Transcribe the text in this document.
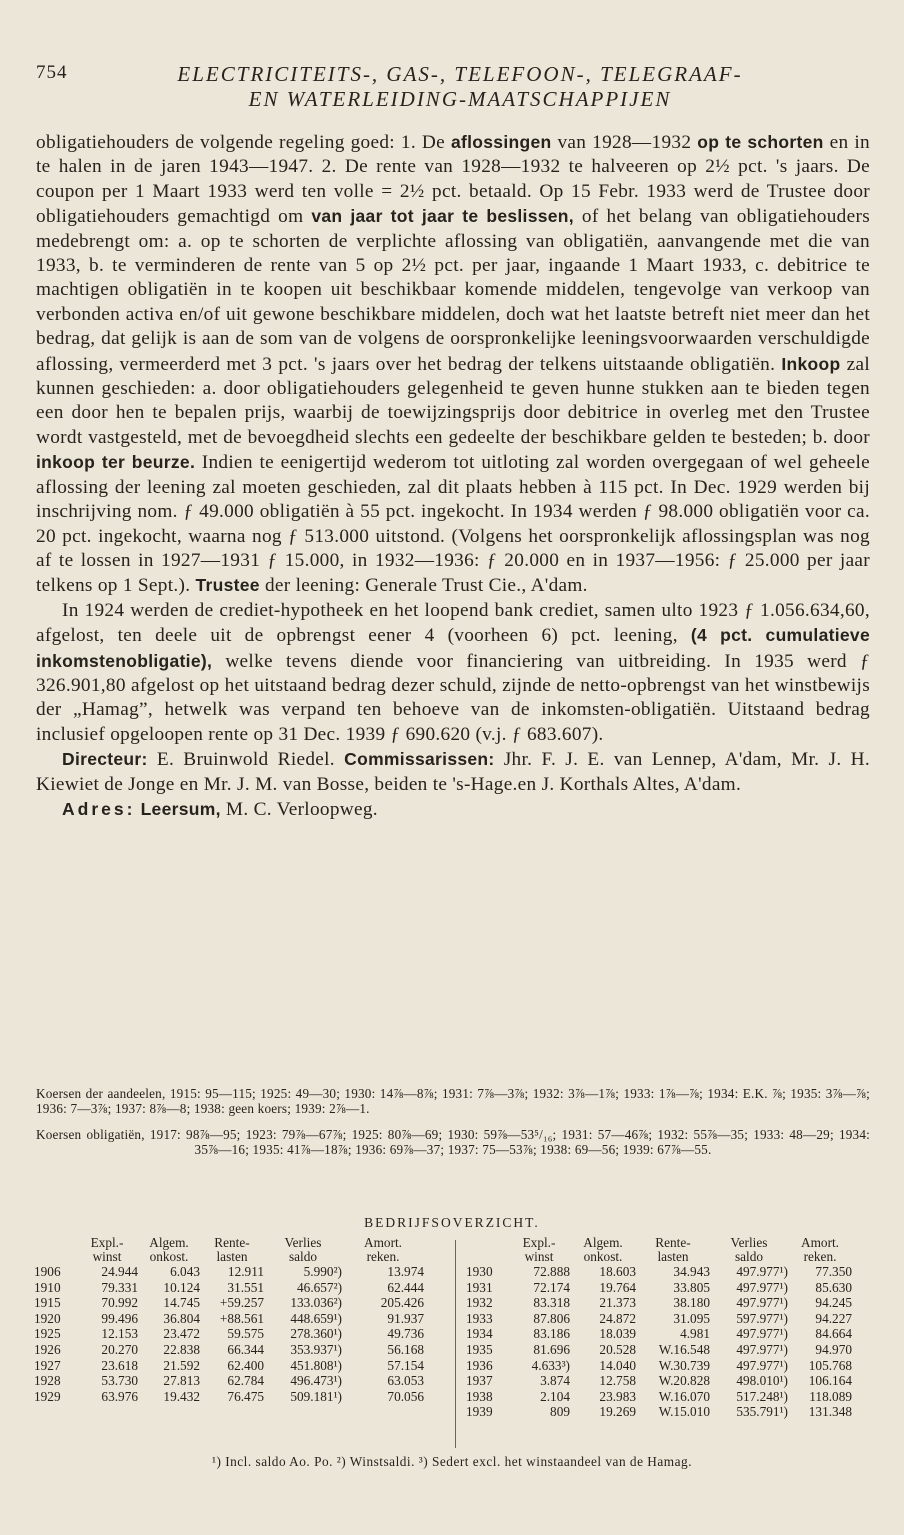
754	ELECTRICITEITS-, GAS-, TELEFOON-, TELEGRAAF-
EN WATERLEIDING-MAATSCHAPPIJEN

obligatiehouders de volgende regeling goed: 1. De aflossingen van 1928—1932 op te schorten en in te halen in de jaren 1943—1947. 2. De rente van 1928—1932 te halveeren op 2½ pct. 's jaars. De coupon per 1 Maart 1933 werd ten volle = 2½ pct. betaald. Op 15 Febr. 1933 werd de Trustee door obligatiehouders gemachtigd om van jaar tot jaar te beslissen, of het belang van obligatiehouders medebrengt om: a. op te schorten de verplichte aflossing van obligatiën, aanvangende met die van 1933, b. te verminderen de rente van 5 op 2½ pct. per jaar, ingaande 1 Maart 1933, c. debitrice te machtigen obligatiën in te koopen uit beschikbaar komende middelen, tengevolge van verkoop van verbonden activa en/of uit gewone beschikbare middelen, doch wat het laatste betreft niet meer dan het bedrag, dat gelijk is aan de som van de volgens de oorspronkelijke leeningsvoorwaarden verschuldigde aflossing, vermeerderd met 3 pct. 's jaars over het bedrag der telkens uitstaande obligatiën. Inkoop zal kunnen geschieden: a. door obligatiehouders gelegenheid te geven hunne stukken aan te bieden tegen een door hen te bepalen prijs, waarbij de toewijzingsprijs door debitrice in overleg met den Trustee wordt vastgesteld, met de bevoegdheid slechts een gedeelte der beschikbare gelden te besteden; b. door inkoop ter beurze. Indien te eenigertijd wederom tot uitloting zal worden overgegaan of wel geheele aflossing der leening zal moeten geschieden, zal dit plaats hebben à 115 pct. In Dec. 1929 werden bij inschrijving nom. ƒ 49.000 obligatiën à 55 pct. ingekocht. In 1934 werden ƒ 98.000 obligatiën voor ca. 20 pct. ingekocht, waarna nog ƒ 513.000 uitstond. (Volgens het oorspronkelijk aflossingsplan was nog af te lossen in 1927—1931 ƒ 15.000, in 1932—1936: ƒ 20.000 en in 1937—1956: ƒ 25.000 per jaar telkens op 1 Sept.). Trustee der leening: Generale Trust Cie., A'dam.

In 1924 werden de crediet-hypotheek en het loopend bank crediet, samen ulto 1923 ƒ 1.056.634,60, afgelost, ten deele uit de opbrengst eener 4 (voorheen 6) pct. leening, (4 pct. cumulatieve inkomstenobligatie), welke tevens diende voor financiering van uitbreiding. In 1935 werd ƒ 326.901,80 afgelost op het uitstaand bedrag dezer schuld, zijnde de netto-opbrengst van het winstbewijs der „Hamag”, hetwelk was verpand ten behoeve van de inkomsten-obligatiën. Uitstaand bedrag inclusief opgeloopen rente op 31 Dec. 1939 ƒ 690.620 (v.j. ƒ 683.607).

Directeur: E. Bruinwold Riedel. Commissarissen: Jhr. F. J. E. van Lennep, A'dam, Mr. J. H. Kiewiet de Jonge en Mr. J. M. van Bosse, beiden te 's-Hage.en J. Korthals Altes, A'dam.

Adres: Leersum, M. C. Verloopweg.

Koersen der aandeelen, 1915: 95—115; 1925: 49—30; 1930: 14⅞—8⅞; 1931: 7⅞—3⅞; 1932: 3⅞—1⅞; 1933: 1⅞—⅞; 1934: E.K. ⅞; 1935: 3⅞—⅞; 1936: 7—3⅞; 1937: 8⅞—8; 1938: geen koers; 1939: 2⅞—1.

Koersen obligatiën, 1917: 98⅞—95; 1923: 79⅞—67⅞; 1925: 80⅞—69; 1930: 59⅞—53⁵/₁₆; 1931: 57—46⅞; 1932: 55⅞—35; 1933: 48—29; 1934: 35⅞—16; 1935: 41⅞—18⅞; 1936: 69⅞—37; 1937: 75—53⅞; 1938: 69—56; 1939: 67⅞—55.

BEDRIJFSOVERZICHT.
	Expl.-	Algem.	Rente-	Verlies	Amort.
	winst	onkost.	lasten	saldo	reken.
1906	24.944	6.043	12.911	5.990²)	13.974
1910	79.331	10.124	31.551	46.657²)	62.444
1915	70.992	14.745	+59.257	133.036²)	205.426
1920	99.496	36.804	+88.561	448.659¹)	91.937
1925	12.153	23.472	59.575	278.360¹)	49.736
1926	20.270	22.838	66.344	353.937¹)	56.168
1927	23.618	21.592	62.400	451.808¹)	57.154
1928	53.730	27.813	62.784	496.473¹)	63.053
1929	63.976	19.432	76.475	509.181¹)	70.056
	Expl.-	Algem.	Rente-	Verlies	Amort.
	winst	onkost.	lasten	saldo	reken.
1930	72.888	18.603	34.943	497.977¹)	77.350
1931	72.174	19.764	33.805	497.977¹)	85.630
1932	83.318	21.373	38.180	497.977¹)	94.245
1933	87.806	24.872	31.095	597.977¹)	94.227
1934	83.186	18.039	4.981	497.977¹)	84.664
1935	81.696	20.528	W.16.548	497.977¹)	94.970
1936	4.633³)	14.040	W.30.739	497.977¹)	105.768
1937	3.874	12.758	W.20.828	498.010¹)	106.164
1938	2.104	23.983	W.16.070	517.248¹)	118.089
1939	809	19.269	W.15.010	535.791¹)	131.348
¹) Incl. saldo Ao. Po. ²) Winstsaldi. ³) Sedert excl. het winstaandeel van de Hamag.
